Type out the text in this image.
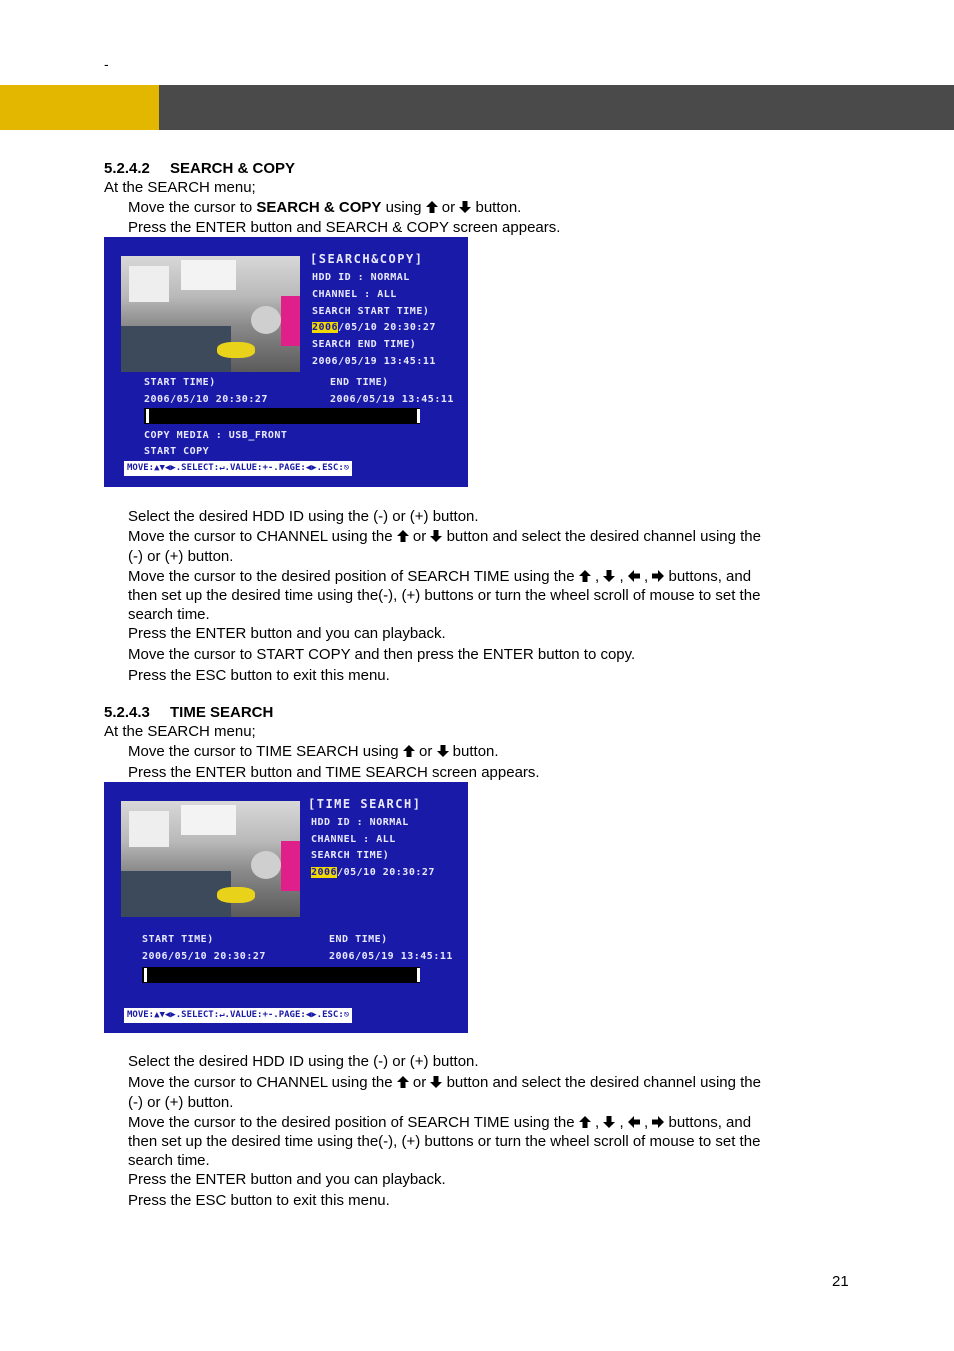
-
5.2.4.2 SEARCH & COPY
At the SEARCH menu;
Move the cursor to SEARCH & COPY using
or
button.
Press the ENTER button and SEARCH & COPY screen appears.
[SEARCH&COPY]
HDD ID : NORMAL
CHANNEL : ALL
SEARCH START TIME)
2006/05/10 20:30:27
SEARCH END TIME)
2006/05/19 13:45:11
START TIME)	END TIME)
2006/05/10 20:30:27	2006/05/19 13:45:11
COPY MEDIA : USB_FRONT
START COPY
MOVE:▲▼◀▶.SELECT:↵.VALUE:+-.PAGE:◀▶.ESC:⎋
Select the desired HDD ID using the (-) or (+) button.
Move the cursor to CHANNEL using the
or
button and select the desired channel using the
(-) or (+) button.
Move the cursor to the desired position of SEARCH TIME using the
,
,
,
buttons, and
then set up the desired time using the(-), (+) buttons or turn the wheel scroll of mouse to set the
search time.
Press the ENTER button and you can playback.
Move the cursor to START COPY and then press the ENTER button to copy.
Press the ESC button to exit this menu.
5.2.4.3 TIME SEARCH
At the SEARCH menu;
Move the cursor to TIME SEARCH using
or
button.
Press the ENTER button and TIME SEARCH screen appears.
[TIME SEARCH]
HDD ID : NORMAL
CHANNEL : ALL
SEARCH TIME)
2006/05/10 20:30:27
START TIME)	END TIME)
2006/05/10 20:30:27	2006/05/19 13:45:11
MOVE:▲▼◀▶.SELECT:↵.VALUE:+-.PAGE:◀▶.ESC:⎋
Select the desired HDD ID using the (-) or (+) button.
Move the cursor to CHANNEL using the
or
button and select the desired channel using the
(-) or (+) button.
Move the cursor to the desired position of SEARCH TIME using the
,
,
,
buttons, and
then set up the desired time using the(-), (+) buttons or turn the wheel scroll of mouse to set the
search time.
Press the ENTER button and you can playback.
Press the ESC button to exit this menu.
21
